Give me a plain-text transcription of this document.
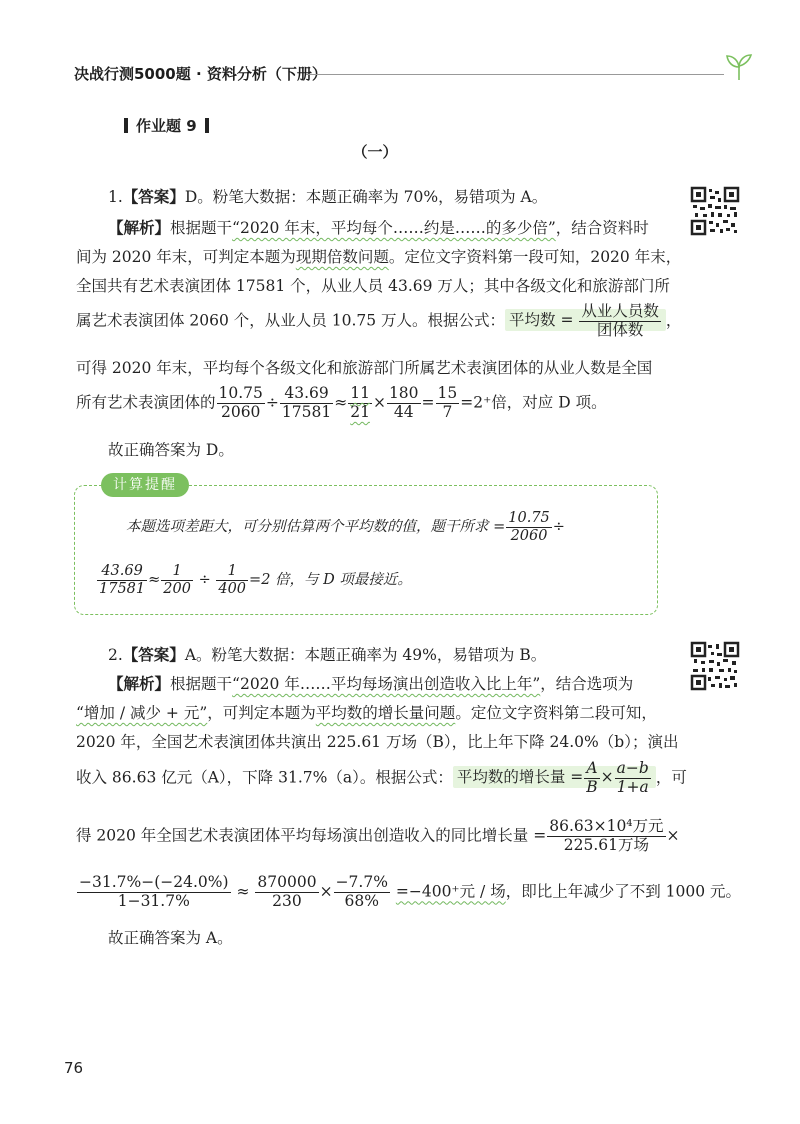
决战行测5000题 · 资料分析（下册）
作业题 9
（一）
1.【答案】D。粉笔大数据：本题正确率为 70%，易错项为 A。
【解析】根据题干“2020 年末，平均每个……约是……的多少倍”，结合资料时
间为 2020 年末，可判定本题为现期倍数问题。定位文字资料第一段可知，2020 年末，
全国共有艺术表演团体 17581 个，从业人员 43.69 万人；其中各级文化和旅游部门所
属艺术表演团体 2060 个，从业人员 10.75 万人。根据公式： 平均数 = $\frac{\text{从业人员数}}{\text{团体数}}$ ，
可得 2020 年末，平均每个各级文化和旅游部门所属艺术表演团体的从业人数是全国
所有艺术表演团体的 $\frac{10.75}{2060} \div \frac{43.69}{17581} \approx \frac{11}{21} \times \frac{180}{44} = \frac{15}{7} =2^+$倍，对应 D 项。
故正确答案为 D。
计算提醒
本题选项差距大，可分别估算两个平均数的值，题干所求 = $\frac{10.75}{2060}$ ÷
$\frac{43.69}{17581} \approx \frac{1}{200} \div \frac{1}{400} =2$ 倍，与 D 项最接近。
2.【答案】A。粉笔大数据：本题正确率为 49%，易错项为 B。
【解析】根据题干“2020 年……平均每场演出创造收入比上年”，结合选项为
“增加 / 减少 + 元”，可判定本题为平均数的增长量问题。定位文字资料第二段可知，
2020 年，全国艺术表演团体共演出 225.61 万场（B），比上年下降 24.0%（b）；演出
收入 86.63 亿元（A），下降 31.7%（a）。根据公式： 平均数的增长量 = $\frac{A}{B} \times \frac{a-b}{1+a}$ ，可
得 2020 年全国艺术表演团体平均每场演出创造收入的同比增长量 = $\frac{\text{86.63×10⁴万元}}{\text{225.61万场}}$ ×
$\frac{-31.7\%-(-24.0\%)}{1-31.7\%} \approx \frac{870000}{230} \times \frac{-7.7\%}{68\%} =-400^+$元 / 场，即比上年减少了不到 1000 元。
故正确答案为 A。
76
